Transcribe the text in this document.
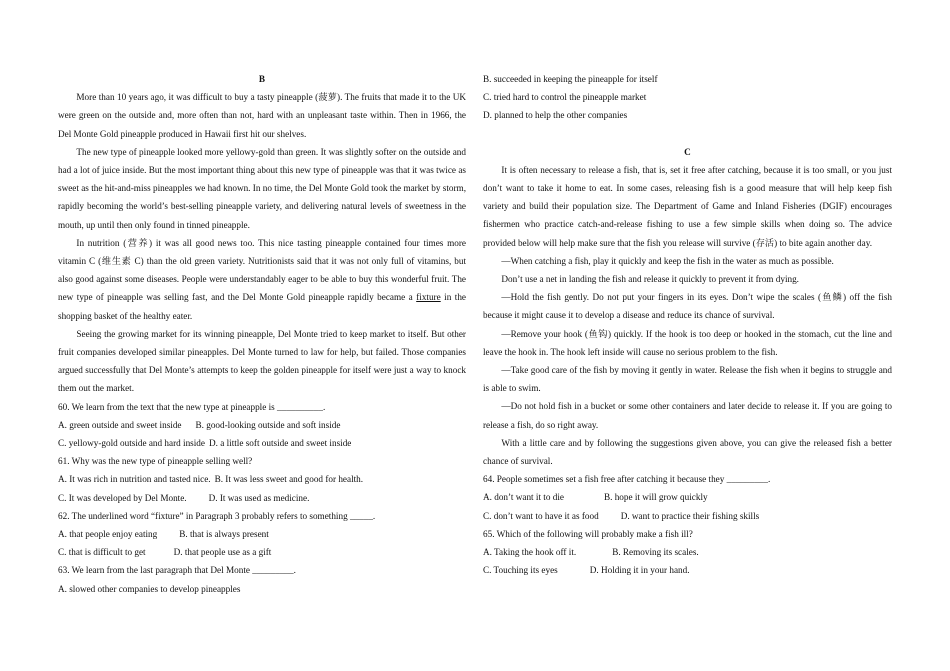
B

More than 10 years ago, it was difficult to buy a tasty pineapple (菠萝). The fruits that made it to the UK were green on the outside and, more often than not, hard with an unpleasant taste within. Then in 1966, the Del Monte Gold pineapple produced in Hawaii first hit our shelves.

The new type of pineapple looked more yellowy-gold than green. It was slightly softer on the outside and had a lot of juice inside. But the most important thing about this new type of pineapple was that it was twice as sweet as the hit-and-miss pineapples we had known. In no time, the Del Monte Gold took the market by storm, rapidly becoming the world’s best-selling pineapple variety, and delivering natural levels of sweetness in the mouth, up until then only found in tinned pineapple.

In nutrition (营养) it was all good news too. This nice tasting pineapple contained four times more vitamin C (维生素 C) than the old green variety. Nutritionists said that it was not only full of vitamins, but also good against some diseases. People were understandably eager to be able to buy this wonderful fruit. The new type of pineapple was selling fast, and the Del Monte Gold pineapple rapidly became a fixture in the shopping basket of the healthy eater.

Seeing the growing market for its winning pineapple, Del Monte tried to keep market to itself. But other fruit companies developed similar pineapples. Del Monte turned to law for help, but failed. Those companies argued successfully that Del Monte’s attempts to keep the golden pineapple for itself were just a way to knock them out the market.

60. We learn from the text that the new type at pineapple is __________.

A. green outside and sweet inside B. good-looking outside and soft inside

C. yellowy-gold outside and hard inside D. a little soft outside and sweet inside

61. Why was the new type of pineapple selling well?

A. It was rich in nutrition and tasted nice. B. It was less sweet and good for health.

C. It was developed by Del Monte. D. It was used as medicine.

62. The underlined word “fixture” in Paragraph 3 probably refers to something _____.

A. that people enjoy eating B. that is always present

C. that is difficult to get	D. that people use as a gift

63. We learn from the last paragraph that Del Monte _________.

A. slowed other companies to develop pineapples

B. succeeded in keeping the pineapple for itself

C. tried hard to control the pineapple market

D. planned to help the other companies

C

It is often necessary to release a fish, that is, set it free after catching, because it is too small, or you just don’t want to take it home to eat. In some cases, releasing fish is a good measure that will help keep fish variety and build their population size. The Department of Game and Inland Fisheries (DGIF) encourages fishermen who practice catch-and-release fishing to use a few simple skills when doing so. The advice provided below will help make sure that the fish you release will survive (存活) to bite again another day.

—When catching a fish, play it quickly and keep the fish in the water as much as possible.

Don’t use a net in landing the fish and release it quickly to prevent it from dying.

—Hold the fish gently. Do not put your fingers in its eyes. Don’t wipe the scales (鱼鳞) off the fish because it might cause it to develop a disease and reduce its chance of survival.

—Remove your hook (鱼钩) quickly. If the hook is too deep or hooked in the stomach, cut the line and leave the hook in. The hook left inside will cause no serious problem to the fish.

—Take good care of the fish by moving it gently in water. Release the fish when it begins to struggle and is able to swim.

—Do not hold fish in a bucket or some other containers and later decide to release it. If you are going to release a fish, do so right away.

With a little care and by following the suggestions given above, you can give the released fish a better chance of survival.

64. People sometimes set a fish free after catching it because they _________.

A. don’t want it to die	B. hope it will grow quickly

C. don’t want to have it as food D. want to practice their fishing skills

65. Which of the following will probably make a fish ill?

A. Taking the hook off it.	B. Removing its scales.

C. Touching its eyes	D. Holding it in your hand.
